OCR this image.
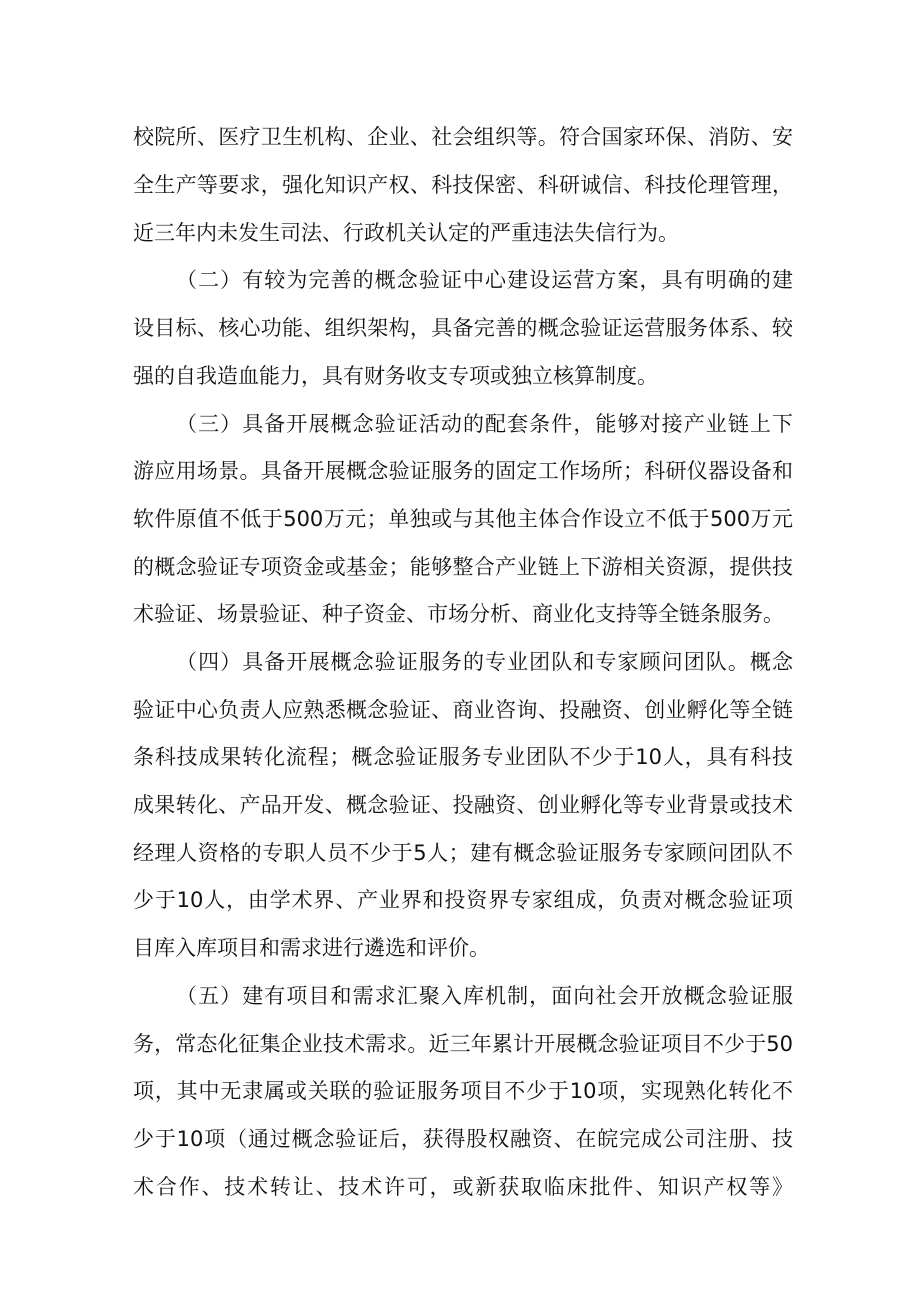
校院所、医疗卫生机构、企业、社会组织等。符合国家环保、消防、安
全生产等要求，强化知识产权、科技保密、科研诚信、科技伦理管理，
近三年内未发生司法、行政机关认定的严重违法失信行为。
（二）有较为完善的概念验证中心建设运营方案，具有明确的建
设目标、核心功能、组织架构，具备完善的概念验证运营服务体系、较
强的自我造血能力，具有财务收支专项或独立核算制度。
（三）具备开展概念验证活动的配套条件，能够对接产业链上下
游应用场景。具备开展概念验证服务的固定工作场所；科研仪器设备和
软件原值不低于500万元；单独或与其他主体合作设立不低于500万元
的概念验证专项资金或基金；能够整合产业链上下游相关资源，提供技
术验证、场景验证、种子资金、市场分析、商业化支持等全链条服务。
（四）具备开展概念验证服务的专业团队和专家顾问团队。概念
验证中心负责人应熟悉概念验证、商业咨询、投融资、创业孵化等全链
条科技成果转化流程；概念验证服务专业团队不少于10人，具有科技
成果转化、产品开发、概念验证、投融资、创业孵化等专业背景或技术
经理人资格的专职人员不少于5人；建有概念验证服务专家顾问团队不
少于10人，由学术界、产业界和投资界专家组成，负责对概念验证项
目库入库项目和需求进行遴选和评价。
（五）建有项目和需求汇聚入库机制，面向社会开放概念验证服
务，常态化征集企业技术需求。近三年累计开展概念验证项目不少于50
项，其中无隶属或关联的验证服务项目不少于10项，实现熟化转化不
少于10项（通过概念验证后，获得股权融资、在皖完成公司注册、技
术合作、技术转让、技术许可，或新获取临床批件、知识产权等》
